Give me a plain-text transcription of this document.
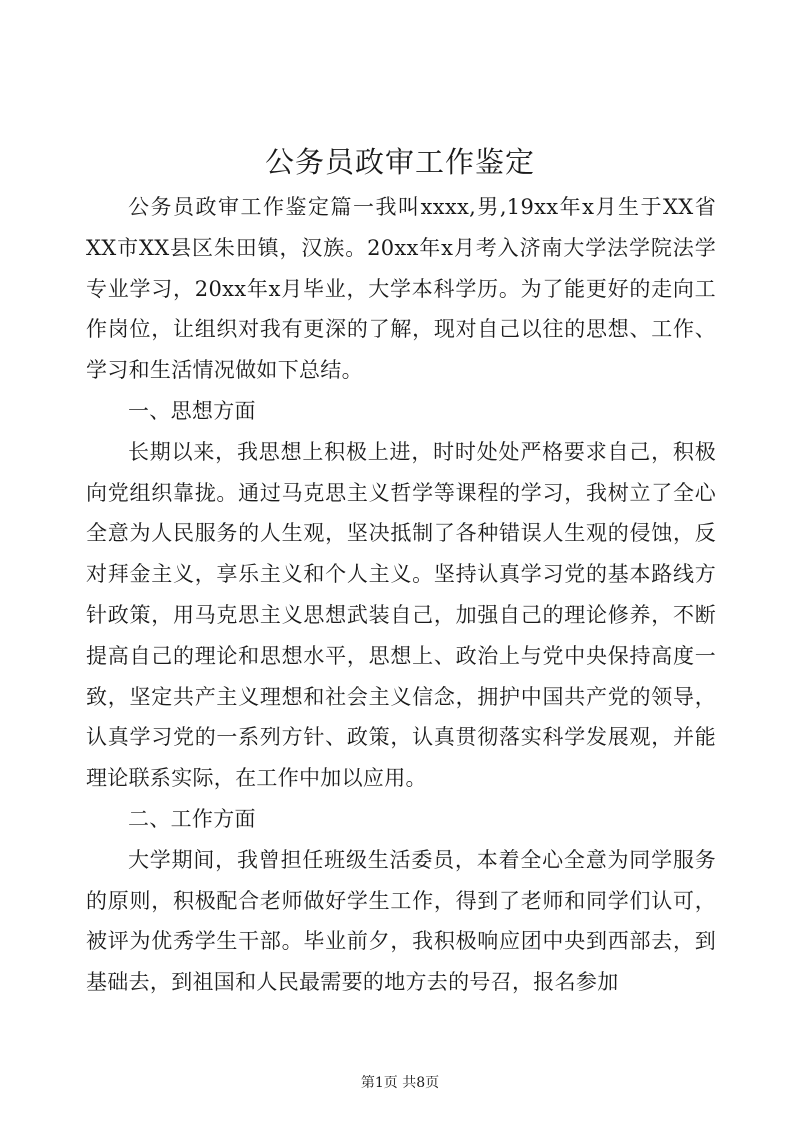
公务员政审工作鉴定

公务员政审工作鉴定篇一我叫xxxx,男,19xx年x月生于XX省XX市XX县区朱田镇，汉族。20xx年x月考入济南大学法学院法学专业学习，20xx年x月毕业，大学本科学历。为了能更好的走向工作岗位，让组织对我有更深的了解，现对自己以往的思想、工作、学习和生活情况做如下总结。

一、思想方面

长期以来，我思想上积极上进，时时处处严格要求自己，积极向党组织靠拢。通过马克思主义哲学等课程的学习，我树立了全心全意为人民服务的人生观，坚决抵制了各种错误人生观的侵蚀，反对拜金主义，享乐主义和个人主义。坚持认真学习党的基本路线方针政策，用马克思主义思想武装自己，加强自己的理论修养，不断提高自己的理论和思想水平，思想上、政治上与党中央保持高度一致，坚定共产主义理想和社会主义信念，拥护中国共产党的领导，认真学习党的一系列方针、政策，认真贯彻落实科学发展观，并能理论联系实际，在工作中加以应用。

二、工作方面

大学期间，我曾担任班级生活委员，本着全心全意为同学服务的原则，积极配合老师做好学生工作，得到了老师和同学们认可，被评为优秀学生干部。毕业前夕，我积极响应团中央到西部去，到基础去，到祖国和人民最需要的地方去的号召，报名参加

第1页 共8页
